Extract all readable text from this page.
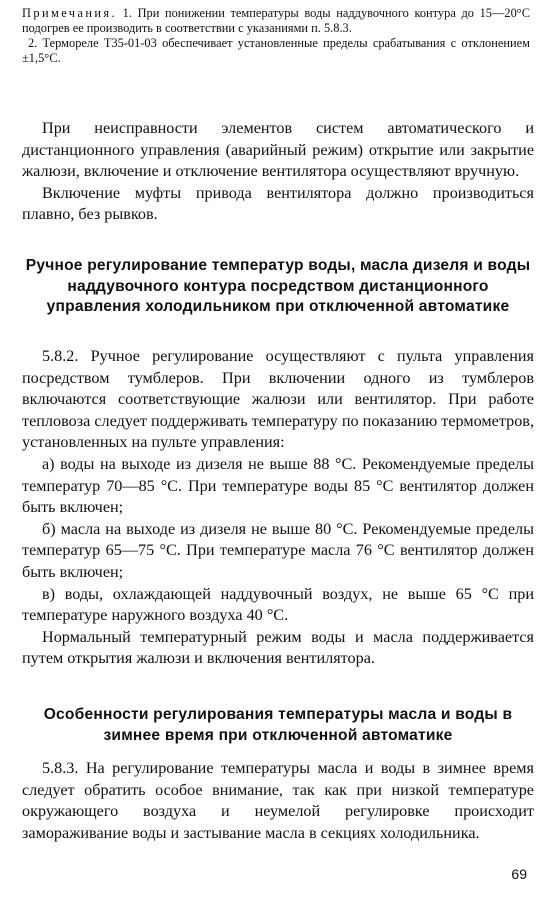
Примечания. 1. При понижении температуры воды наддувочного контура до 15—20°С подогрев ее производить в соответствии с указаниями п. 5.8.3.

2. Термореле Т35-01-03 обеспечивает установленные пределы срабатывания с отклонением ±1,5°С.

При неисправности элементов систем автоматического и дистанционного управления (аварийный режим) открытие или закрытие жалюзи, включение и отключение вентилятора осуществляют вручную.

Включение муфты привода вентилятора должно производиться плавно, без рывков.

Ручное регулирование температур воды, масла дизеля и воды наддувочного контура посредством дистанционного управления холодильником при отключенной автоматике

5.8.2. Ручное регулирование осуществляют с пульта управления посредством тумблеров. При включении одного из тумблеров включаются соответствующие жалюзи или вентилятор. При работе тепловоза следует поддерживать температуру по показанию термометров, установленных на пульте управления:

а) воды на выходе из дизеля не выше 88 °С. Рекомендуемые пределы температур 70—85 °С. При температуре воды 85 °С вентилятор должен быть включен;

б) масла на выходе из дизеля не выше 80 °С. Рекомендуемые пределы температур 65—75 °С. При температуре масла 76 °С вентилятор должен быть включен;

в) воды, охлаждающей наддувочный воздух, не выше 65 °С при температуре наружного воздуха 40 °С.

Нормальный температурный режим воды и масла поддерживается путем открытия жалюзи и включения вентилятора.

Особенности регулирования температуры масла и воды в зимнее время при отключенной автоматике

5.8.3. На регулирование температуры масла и воды в зимнее время следует обратить особое внимание, так как при низкой температуре окружающего воздуха и неумелой регулировке происходит замораживание воды и застывание масла в секциях холодильника.

69
